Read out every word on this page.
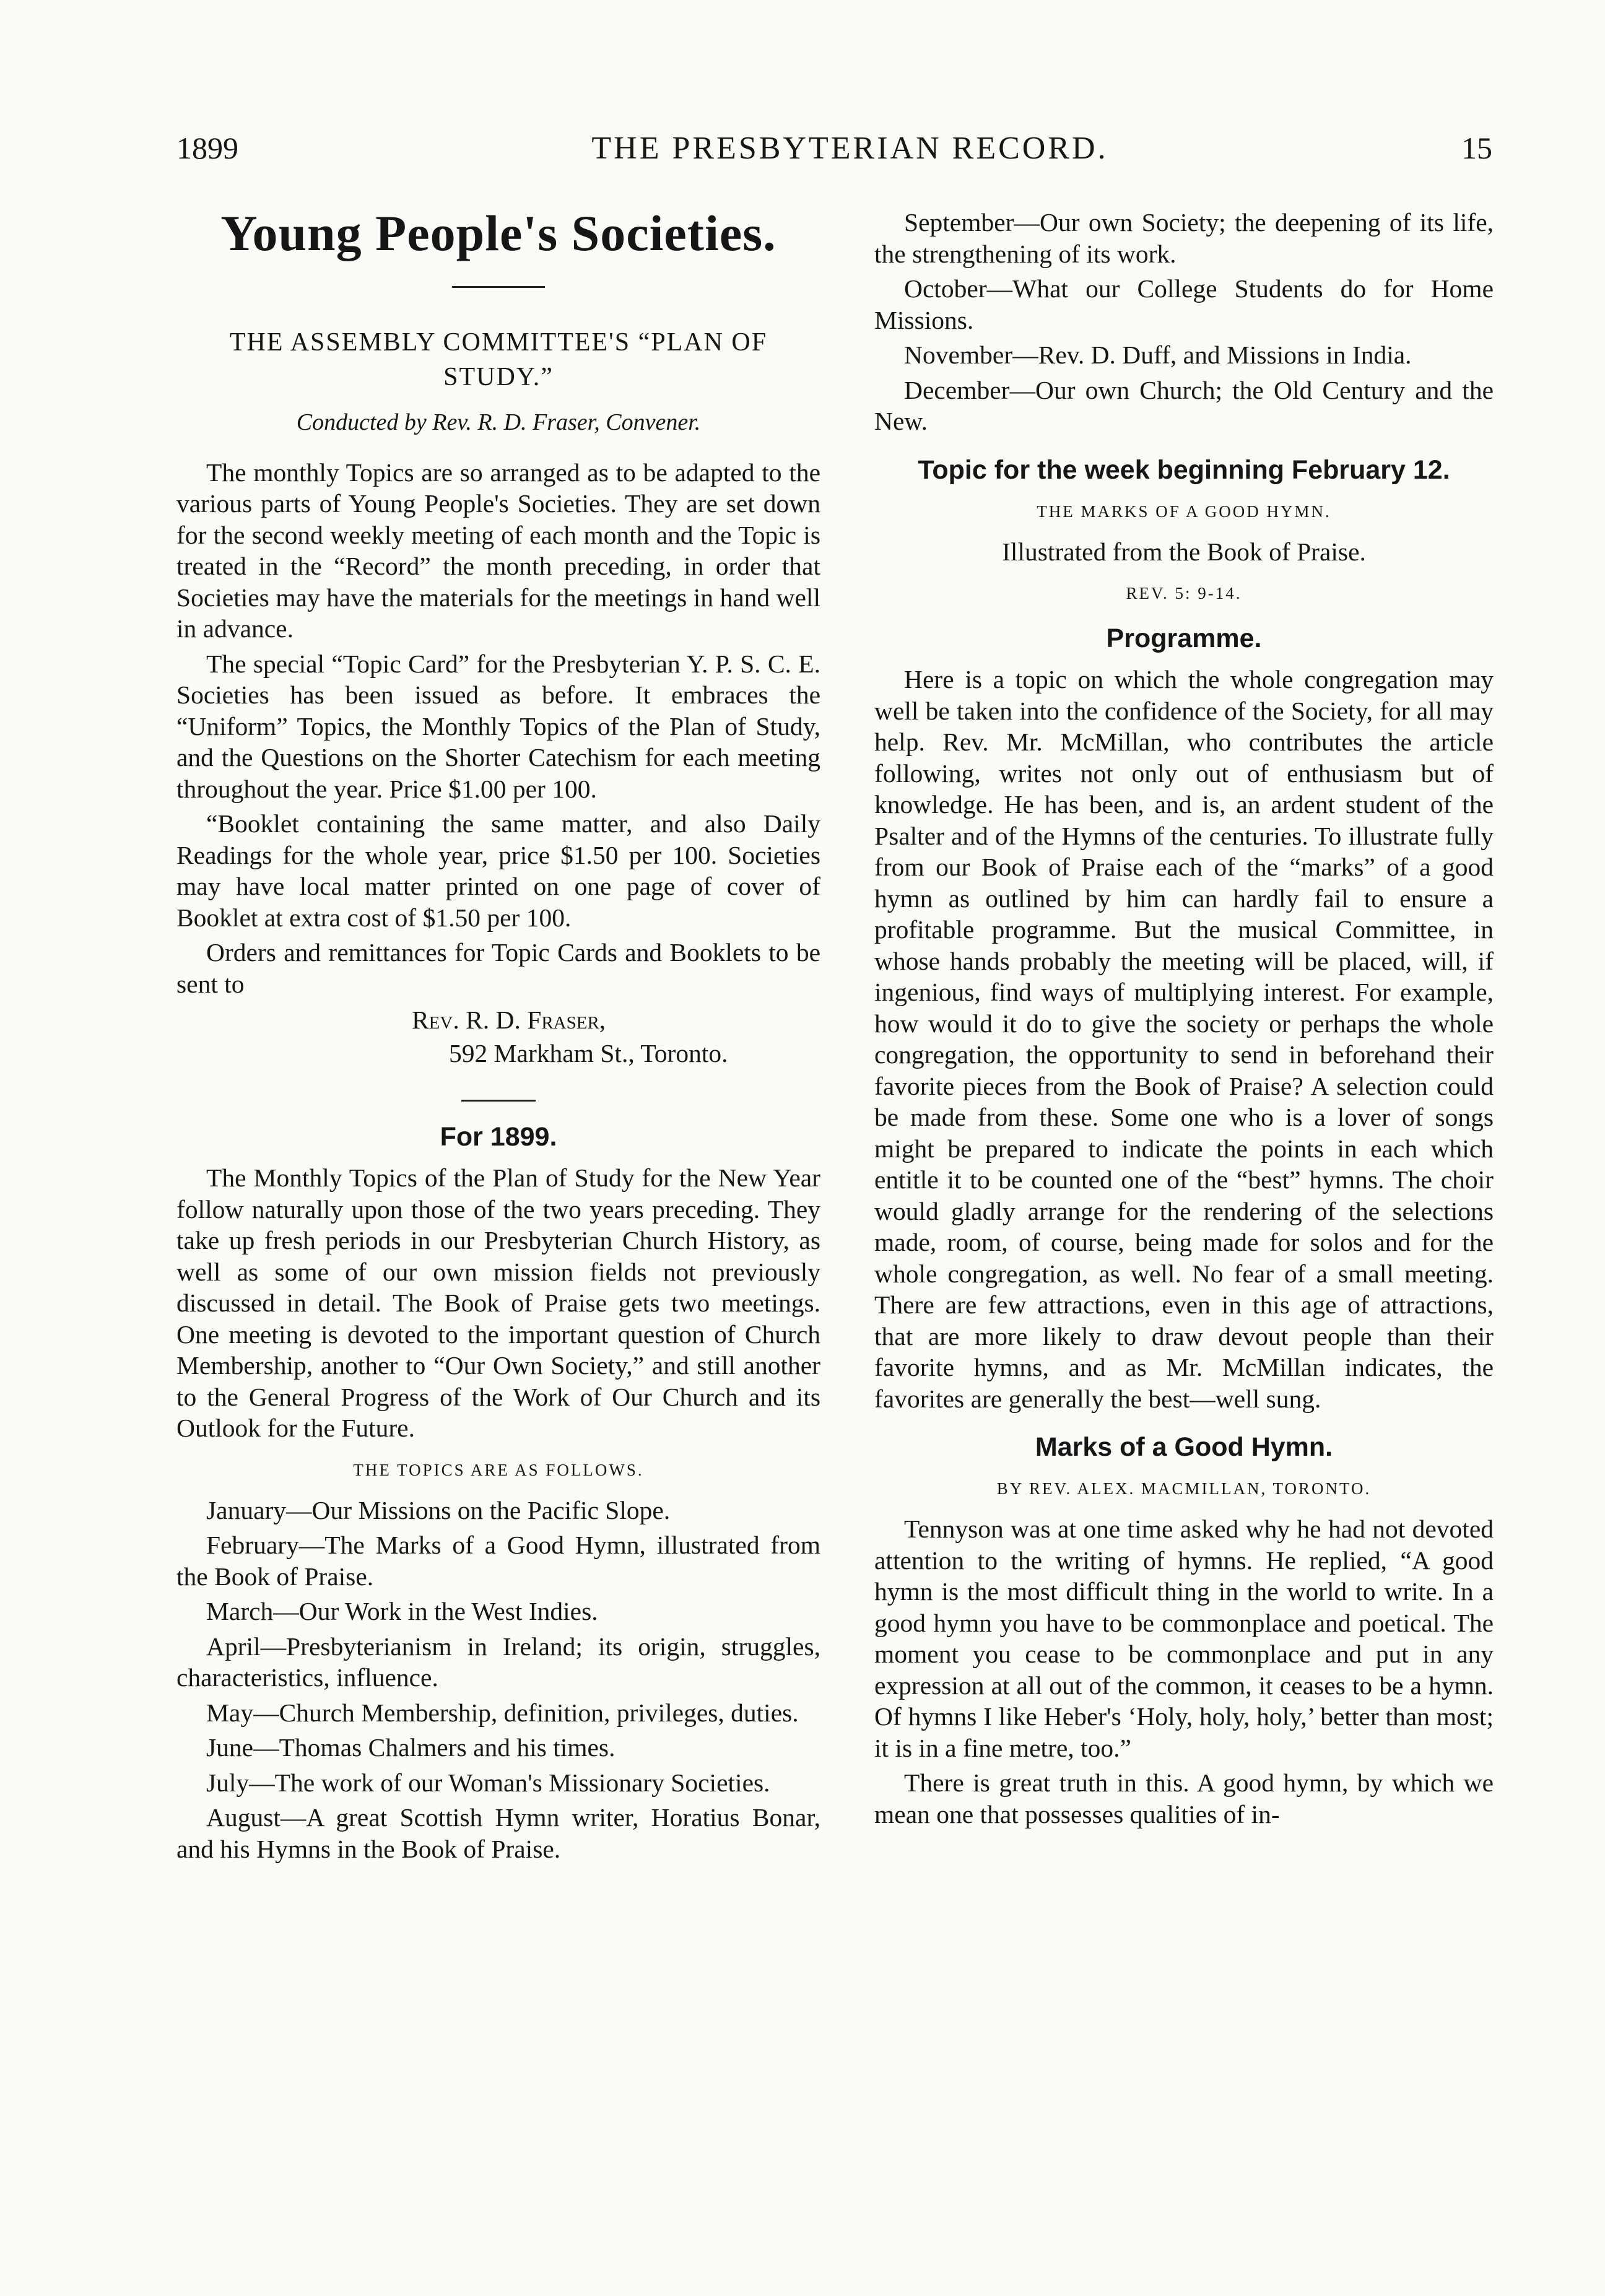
1899	THE PRESBYTERIAN RECORD.	15
Young People's Societies.
THE ASSEMBLY COMMITTEE'S “PLAN OF STUDY.”
Conducted by Rev. R. D. Fraser, Convener.

The monthly Topics are so arranged as to be adapted to the various parts of Young People's Societies. They are set down for the second weekly meeting of each month and the Topic is treated in the “Record” the month preceding, in order that Societies may have the materials for the meetings in hand well in advance.

The special “Topic Card” for the Presbyterian Y. P. S. C. E. Societies has been issued as before. It embraces the “Uniform” Topics, the Monthly Topics of the Plan of Study, and the Questions on the Shorter Catechism for each meeting throughout the year. Price $1.00 per 100.

“Booklet containing the same matter, and also Daily Readings for the whole year, price $1.50 per 100. Societies may have local matter printed on one page of cover of Booklet at extra cost of $1.50 per 100.

Orders and remittances for Topic Cards and Booklets to be sent to

Rev. R. D. Fraser,
592 Markham St., Toronto.
For 1899.

The Monthly Topics of the Plan of Study for the New Year follow naturally upon those of the two years preceding. They take up fresh periods in our Presbyterian Church History, as well as some of our own mission fields not previously discussed in detail. The Book of Praise gets two meetings. One meeting is devoted to the important question of Church Membership, another to “Our Own Society,” and still another to the General Progress of the Work of Our Church and its Outlook for the Future.

THE TOPICS ARE AS FOLLOWS.

January—Our Missions on the Pacific Slope.

February—The Marks of a Good Hymn, illustrated from the Book of Praise.

March—Our Work in the West Indies.

April—Presbyterianism in Ireland; its origin, struggles, characteristics, influence.

May—Church Membership, definition, privileges, duties.

June—Thomas Chalmers and his times.

July—The work of our Woman's Missionary Societies.

August—A great Scottish Hymn writer, Horatius Bonar, and his Hymns in the Book of Praise.

September—Our own Society; the deepening of its life, the strengthening of its work.

October—What our College Students do for Home Missions.

November—Rev. D. Duff, and Missions in India.

December—Our own Church; the Old Century and the New.

Topic for the week beginning February 12.
THE MARKS OF A GOOD HYMN.
Illustrated from the Book of Praise.
REV. 5: 9-14.
Programme.

Here is a topic on which the whole congregation may well be taken into the confidence of the Society, for all may help. Rev. Mr. McMillan, who contributes the article following, writes not only out of enthusiasm but of knowledge. He has been, and is, an ardent student of the Psalter and of the Hymns of the centuries. To illustrate fully from our Book of Praise each of the “marks” of a good hymn as outlined by him can hardly fail to ensure a profitable programme. But the musical Committee, in whose hands probably the meeting will be placed, will, if ingenious, find ways of multiplying interest. For example, how would it do to give the society or perhaps the whole congregation, the opportunity to send in beforehand their favorite pieces from the Book of Praise? A selection could be made from these. Some one who is a lover of songs might be prepared to indicate the points in each which entitle it to be counted one of the “best” hymns. The choir would gladly arrange for the rendering of the selections made, room, of course, being made for solos and for the whole congregation, as well. No fear of a small meeting. There are few attractions, even in this age of attractions, that are more likely to draw devout people than their favorite hymns, and as Mr. McMillan indicates, the favorites are generally the best—well sung.

Marks of a Good Hymn.
BY REV. ALEX. MACMILLAN, TORONTO.

Tennyson was at one time asked why he had not devoted attention to the writing of hymns. He replied, “A good hymn is the most difficult thing in the world to write. In a good hymn you have to be commonplace and poetical. The moment you cease to be commonplace and put in any expression at all out of the common, it ceases to be a hymn. Of hymns I like Heber's ‘Holy, holy, holy,’ better than most; it is in a fine metre, too.”

There is great truth in this. A good hymn, by which we mean one that possesses qualities of in-
